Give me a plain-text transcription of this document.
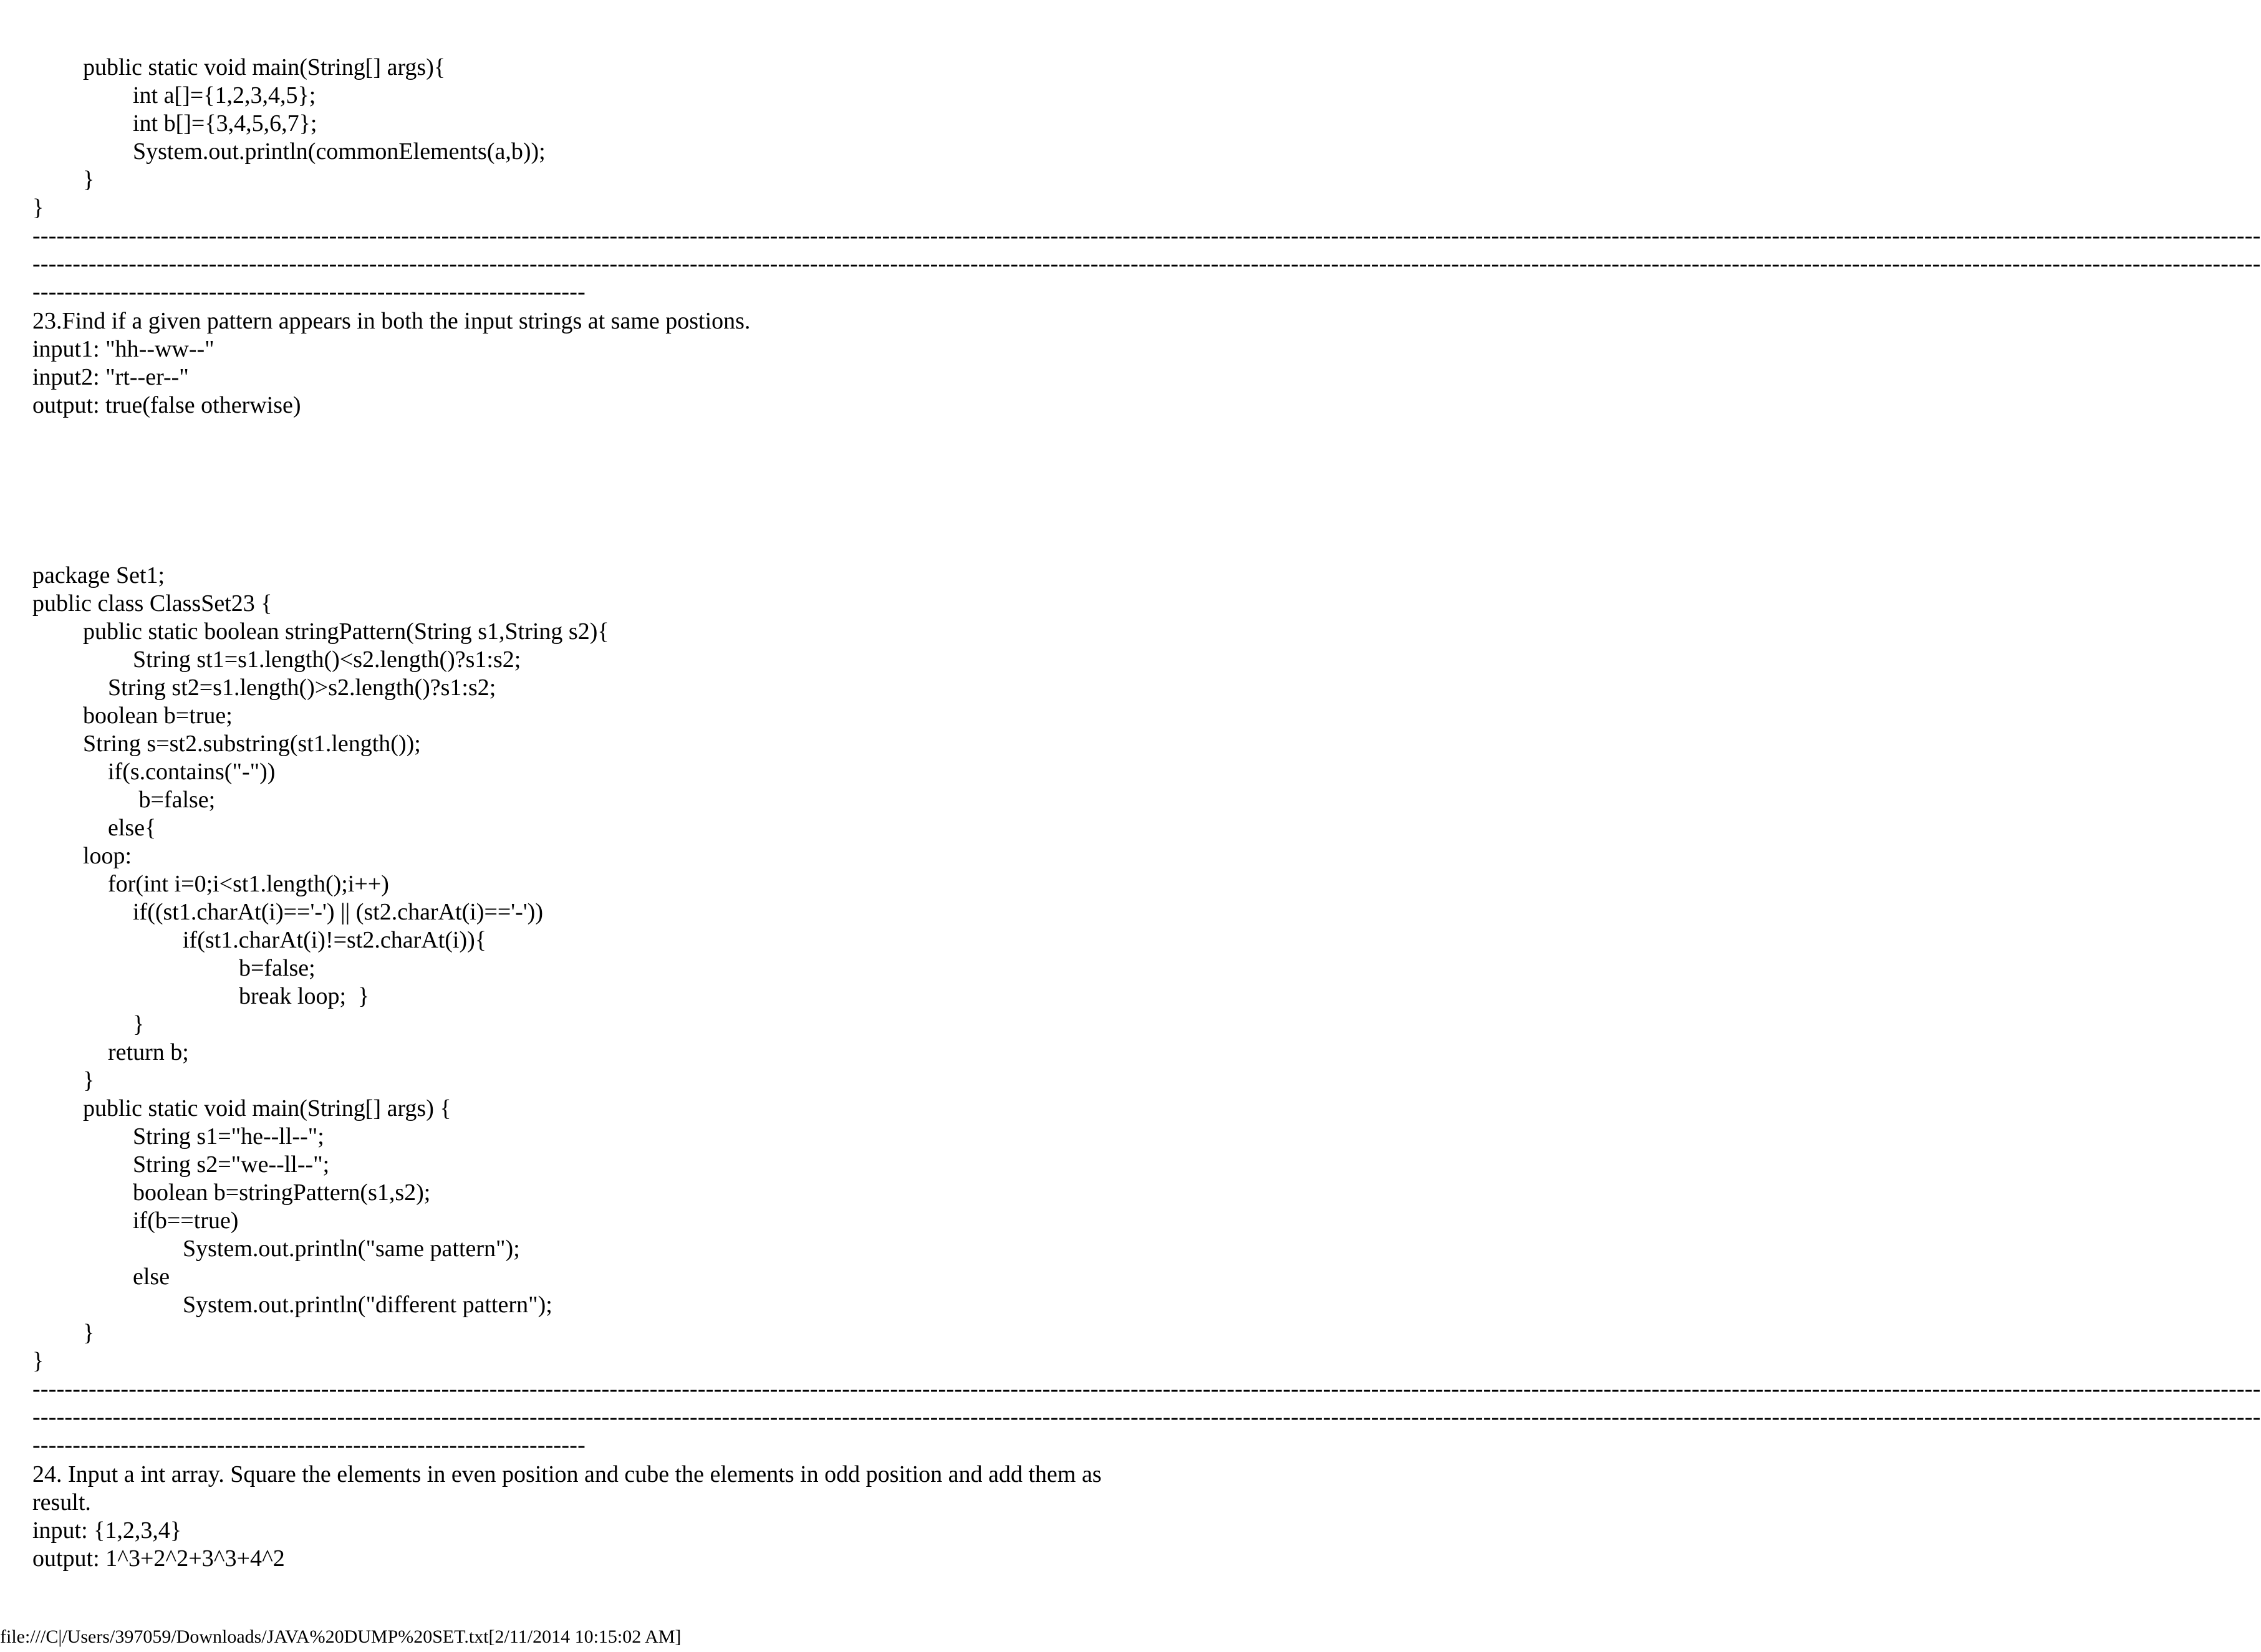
public static void main(String[] args){
int a[]={1,2,3,4,5};
int b[]={3,4,5,6,7};
System.out.println(commonElements(a,b));
}
}
--------------------------------------------------------------------------------------------------------------------------------------------------------------------------------------------------------------------------------------------------------------------------------------
--------------------------------------------------------------------------------------------------------------------------------------------------------------------------------------------------------------------------------------------------------------------------------------
---------------------------------------------------------------------
23.Find if a given pattern appears in both the input strings at same postions.
input1: "hh--ww--"
input2: "rt--er--"
output: true(false otherwise)
package Set1;
public class ClassSet23 {
public static boolean stringPattern(String s1,String s2){
String st1=s1.length()<s2.length()?s1:s2;
String st2=s1.length()>s2.length()?s1:s2;
boolean b=true;
String s=st2.substring(st1.length());
if(s.contains("-"))
b=false;
else{
loop:
for(int i=0;i<st1.length();i++)
if((st1.charAt(i)=='-') || (st2.charAt(i)=='-'))
if(st1.charAt(i)!=st2.charAt(i)){
b=false;
break loop;  }
}
return b;
}
public static void main(String[] args) {
String s1="he--ll--";
String s2="we--ll--";
boolean b=stringPattern(s1,s2);
if(b==true)
System.out.println("same pattern");
else
System.out.println("different pattern");
}
}
--------------------------------------------------------------------------------------------------------------------------------------------------------------------------------------------------------------------------------------------------------------------------------------
--------------------------------------------------------------------------------------------------------------------------------------------------------------------------------------------------------------------------------------------------------------------------------------
---------------------------------------------------------------------
24. Input a int array. Square the elements in even position and cube the elements in odd position and add them as
result.
input: {1,2,3,4}
output: 1^3+2^2+3^3+4^2
file:///C|/Users/397059/Downloads/JAVA%20DUMP%20SET.txt[2/11/2014 10:15:02 AM]
